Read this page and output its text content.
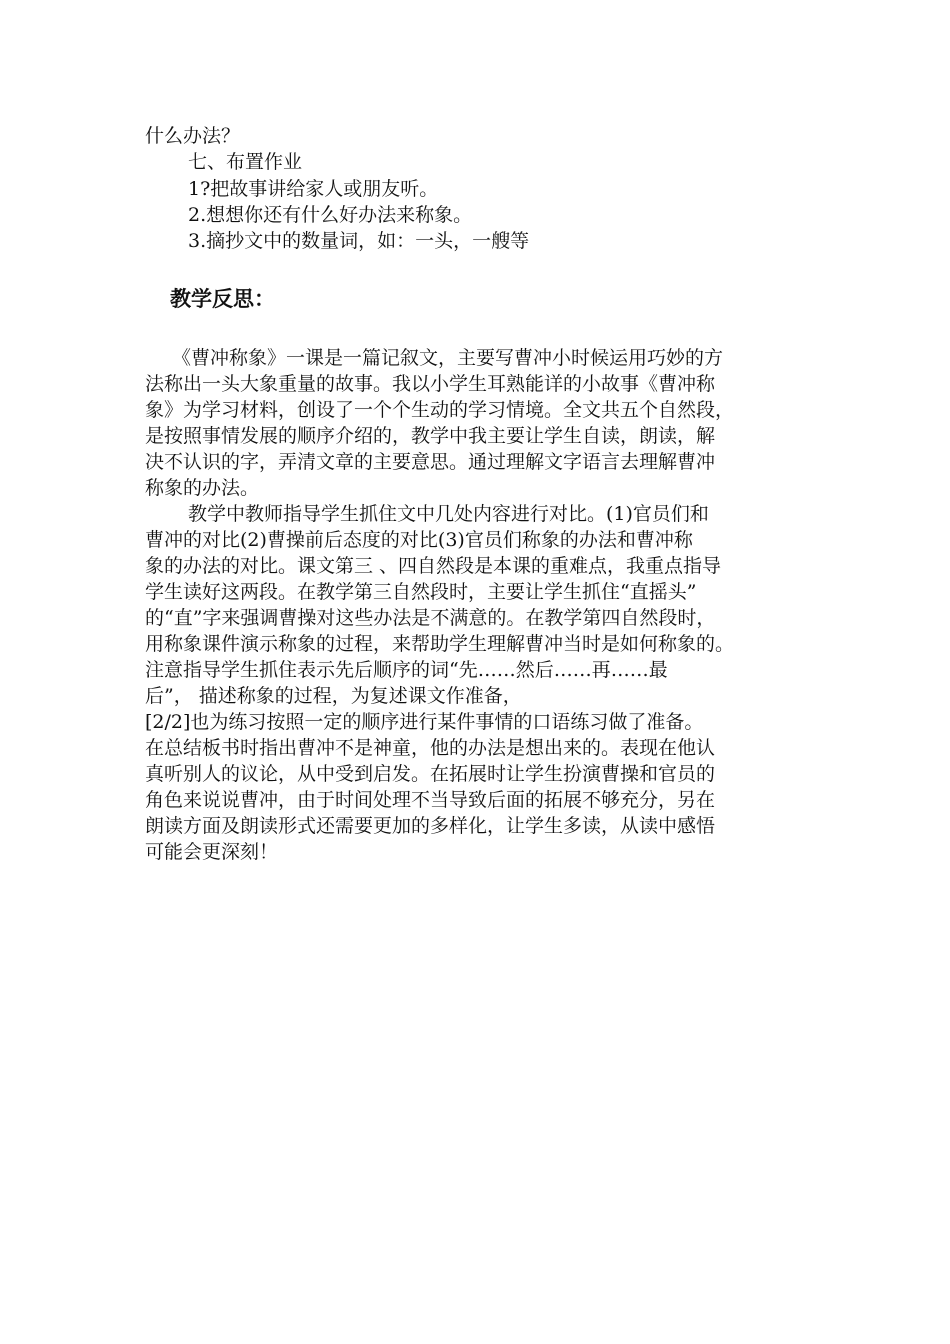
什么办法？
七、布置作业
1?把故事讲给家人或朋友听。
2.想想你还有什么好办法来称象。
3.摘抄文中的数量词，如：一头，一艘等
教学反思：
《曹冲称象》一课是一篇记叙文，主要写曹冲小时候运用巧妙的方
法称出一头大象重量的故事。我以小学生耳熟能详的小故事《曹冲称
象》为学习材料，创设了一个个生动的学习情境。全文共五个自然段，
是按照事情发展的顺序介绍的，教学中我主要让学生自读，朗读，解
决不认识的字，弄清文章的主要意思。通过理解文字语言去理解曹冲
称象的办法。
教学中教师指导学生抓住文中几处内容进行对比。(1)官员们和
曹冲的对比(2)曹操前后态度的对比(3)官员们称象的办法和曹冲称
象的办法的对比。课文第三 、四自然段是本课的重难点，我重点指导
学生读好这两段。在教学第三自然段时，主要让学生抓住“直摇头”
的“直”字来强调曹操对这些办法是不满意的。在教学第四自然段时，
用称象课件演示称象的过程，来帮助学生理解曹冲当时是如何称象的。
注意指导学生抓住表示先后顺序的词“先……然后……再……最
后”， 描述称象的过程，为复述课文作准备，
[2/2]也为练习按照一定的顺序进行某件事情的口语练习做了准备。
在总结板书时指出曹冲不是神童，他的办法是想出来的。表现在他认
真听别人的议论，从中受到启发。在拓展时让学生扮演曹操和官员的
角色来说说曹冲，由于时间处理不当导致后面的拓展不够充分，另在
朗读方面及朗读形式还需要更加的多样化，让学生多读，从读中感悟
可能会更深刻！
